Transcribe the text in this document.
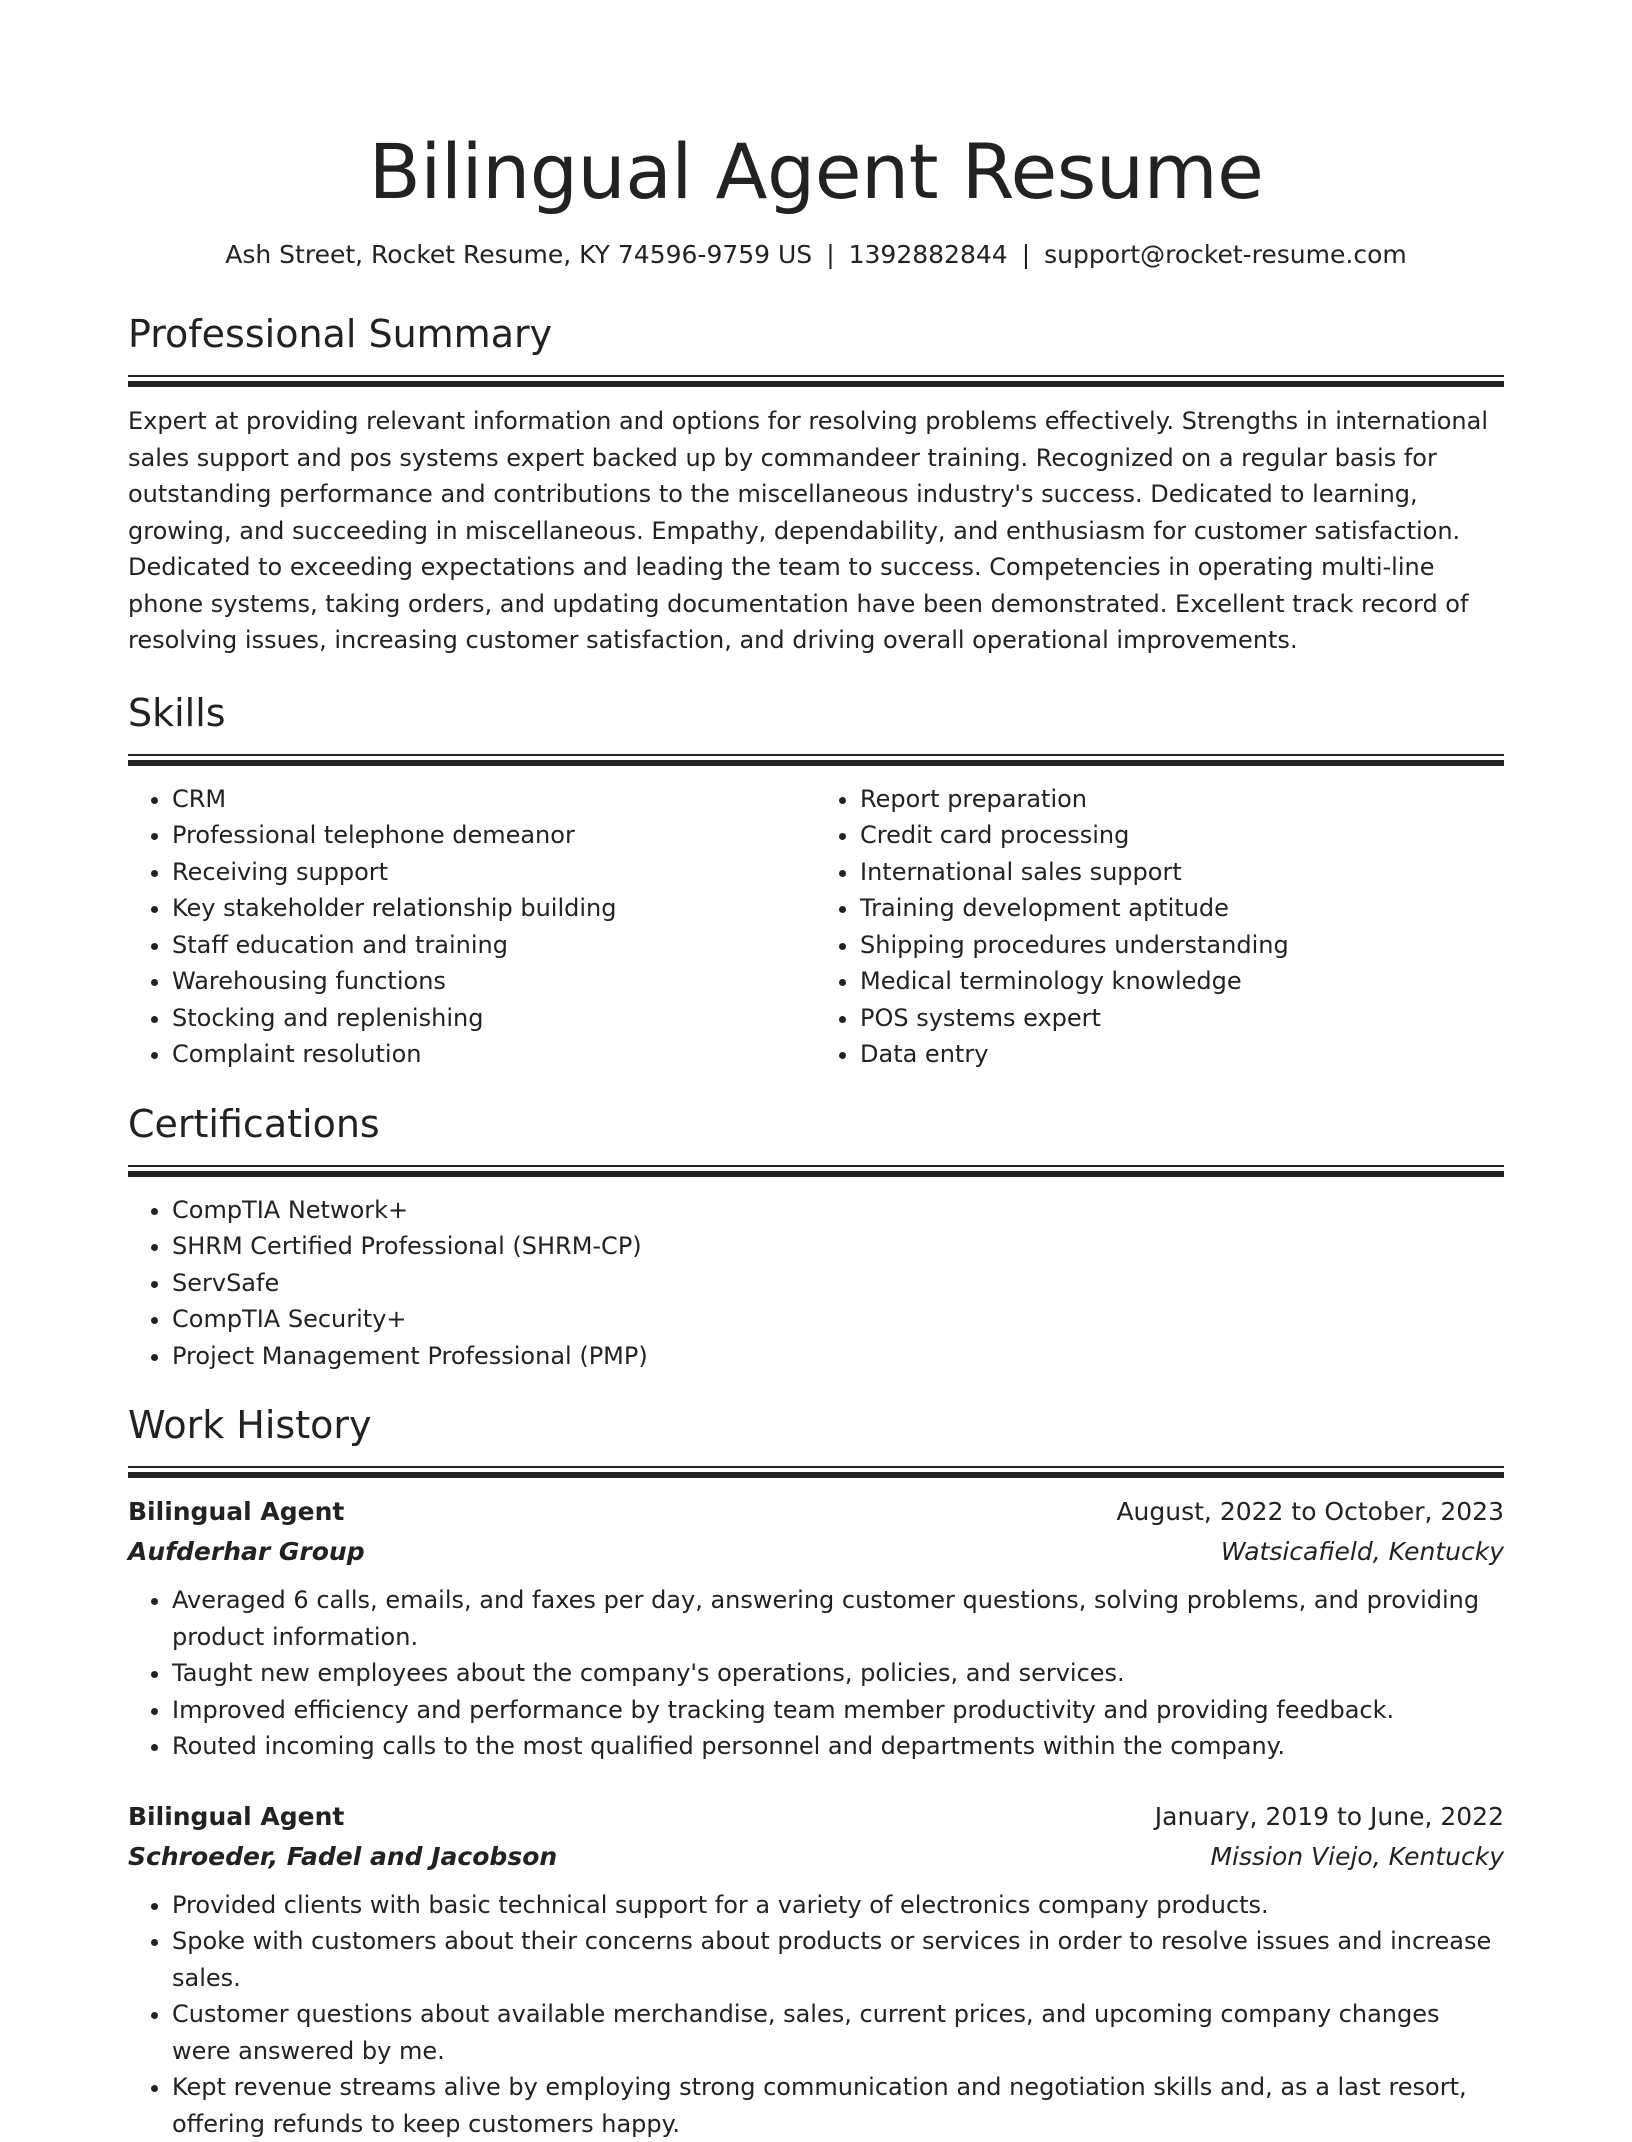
Bilingual Agent Resume
Ash Street, Rocket Resume, KY 74596-9759 US | 1392882844 | support@rocket-resume.com
Professional Summary

Expert at providing relevant information and options for resolving problems effectively. Strengths in international sales support and pos systems expert backed up by commandeer training. Recognized on a regular basis for outstanding performance and contributions to the miscellaneous industry's success. Dedicated to learning, growing, and succeeding in miscellaneous. Empathy, dependability, and enthusiasm for customer satisfaction. Dedicated to exceeding expectations and leading the team to success. Competencies in operating multi-line phone systems, taking orders, and updating documentation have been demonstrated. Excellent track record of resolving issues, increasing customer satisfaction, and driving overall operational improvements.

Skills
• CRM
• Professional telephone demeanor
• Receiving support
• Key stakeholder relationship building
• Staff education and training
• Warehousing functions
• Stocking and replenishing
• Complaint resolution
• Report preparation
• Credit card processing
• International sales support
• Training development aptitude
• Shipping procedures understanding
• Medical terminology knowledge
• POS systems expert
• Data entry
Certifications
• CompTIA Network+
• SHRM Certified Professional (SHRM-CP)
• ServSafe
• CompTIA Security+
• Project Management Professional (PMP)
Work History
Bilingual Agent	August, 2022 to October, 2023
Aufderhar Group	Watsicafield, Kentucky
• Averaged 6 calls, emails, and faxes per day, answering customer questions, solving problems, and providing product information.
• Taught new employees about the company's operations, policies, and services.
• Improved efficiency and performance by tracking team member productivity and providing feedback.
• Routed incoming calls to the most qualified personnel and departments within the company.
Bilingual Agent	January, 2019 to June, 2022
Schroeder, Fadel and Jacobson	Mission Viejo, Kentucky
• Provided clients with basic technical support for a variety of electronics company products.
• Spoke with customers about their concerns about products or services in order to resolve issues and increase sales.
• Customer questions about available merchandise, sales, current prices, and upcoming company changes were answered by me.
• Kept revenue streams alive by employing strong communication and negotiation skills and, as a last resort, offering refunds to keep customers happy.
